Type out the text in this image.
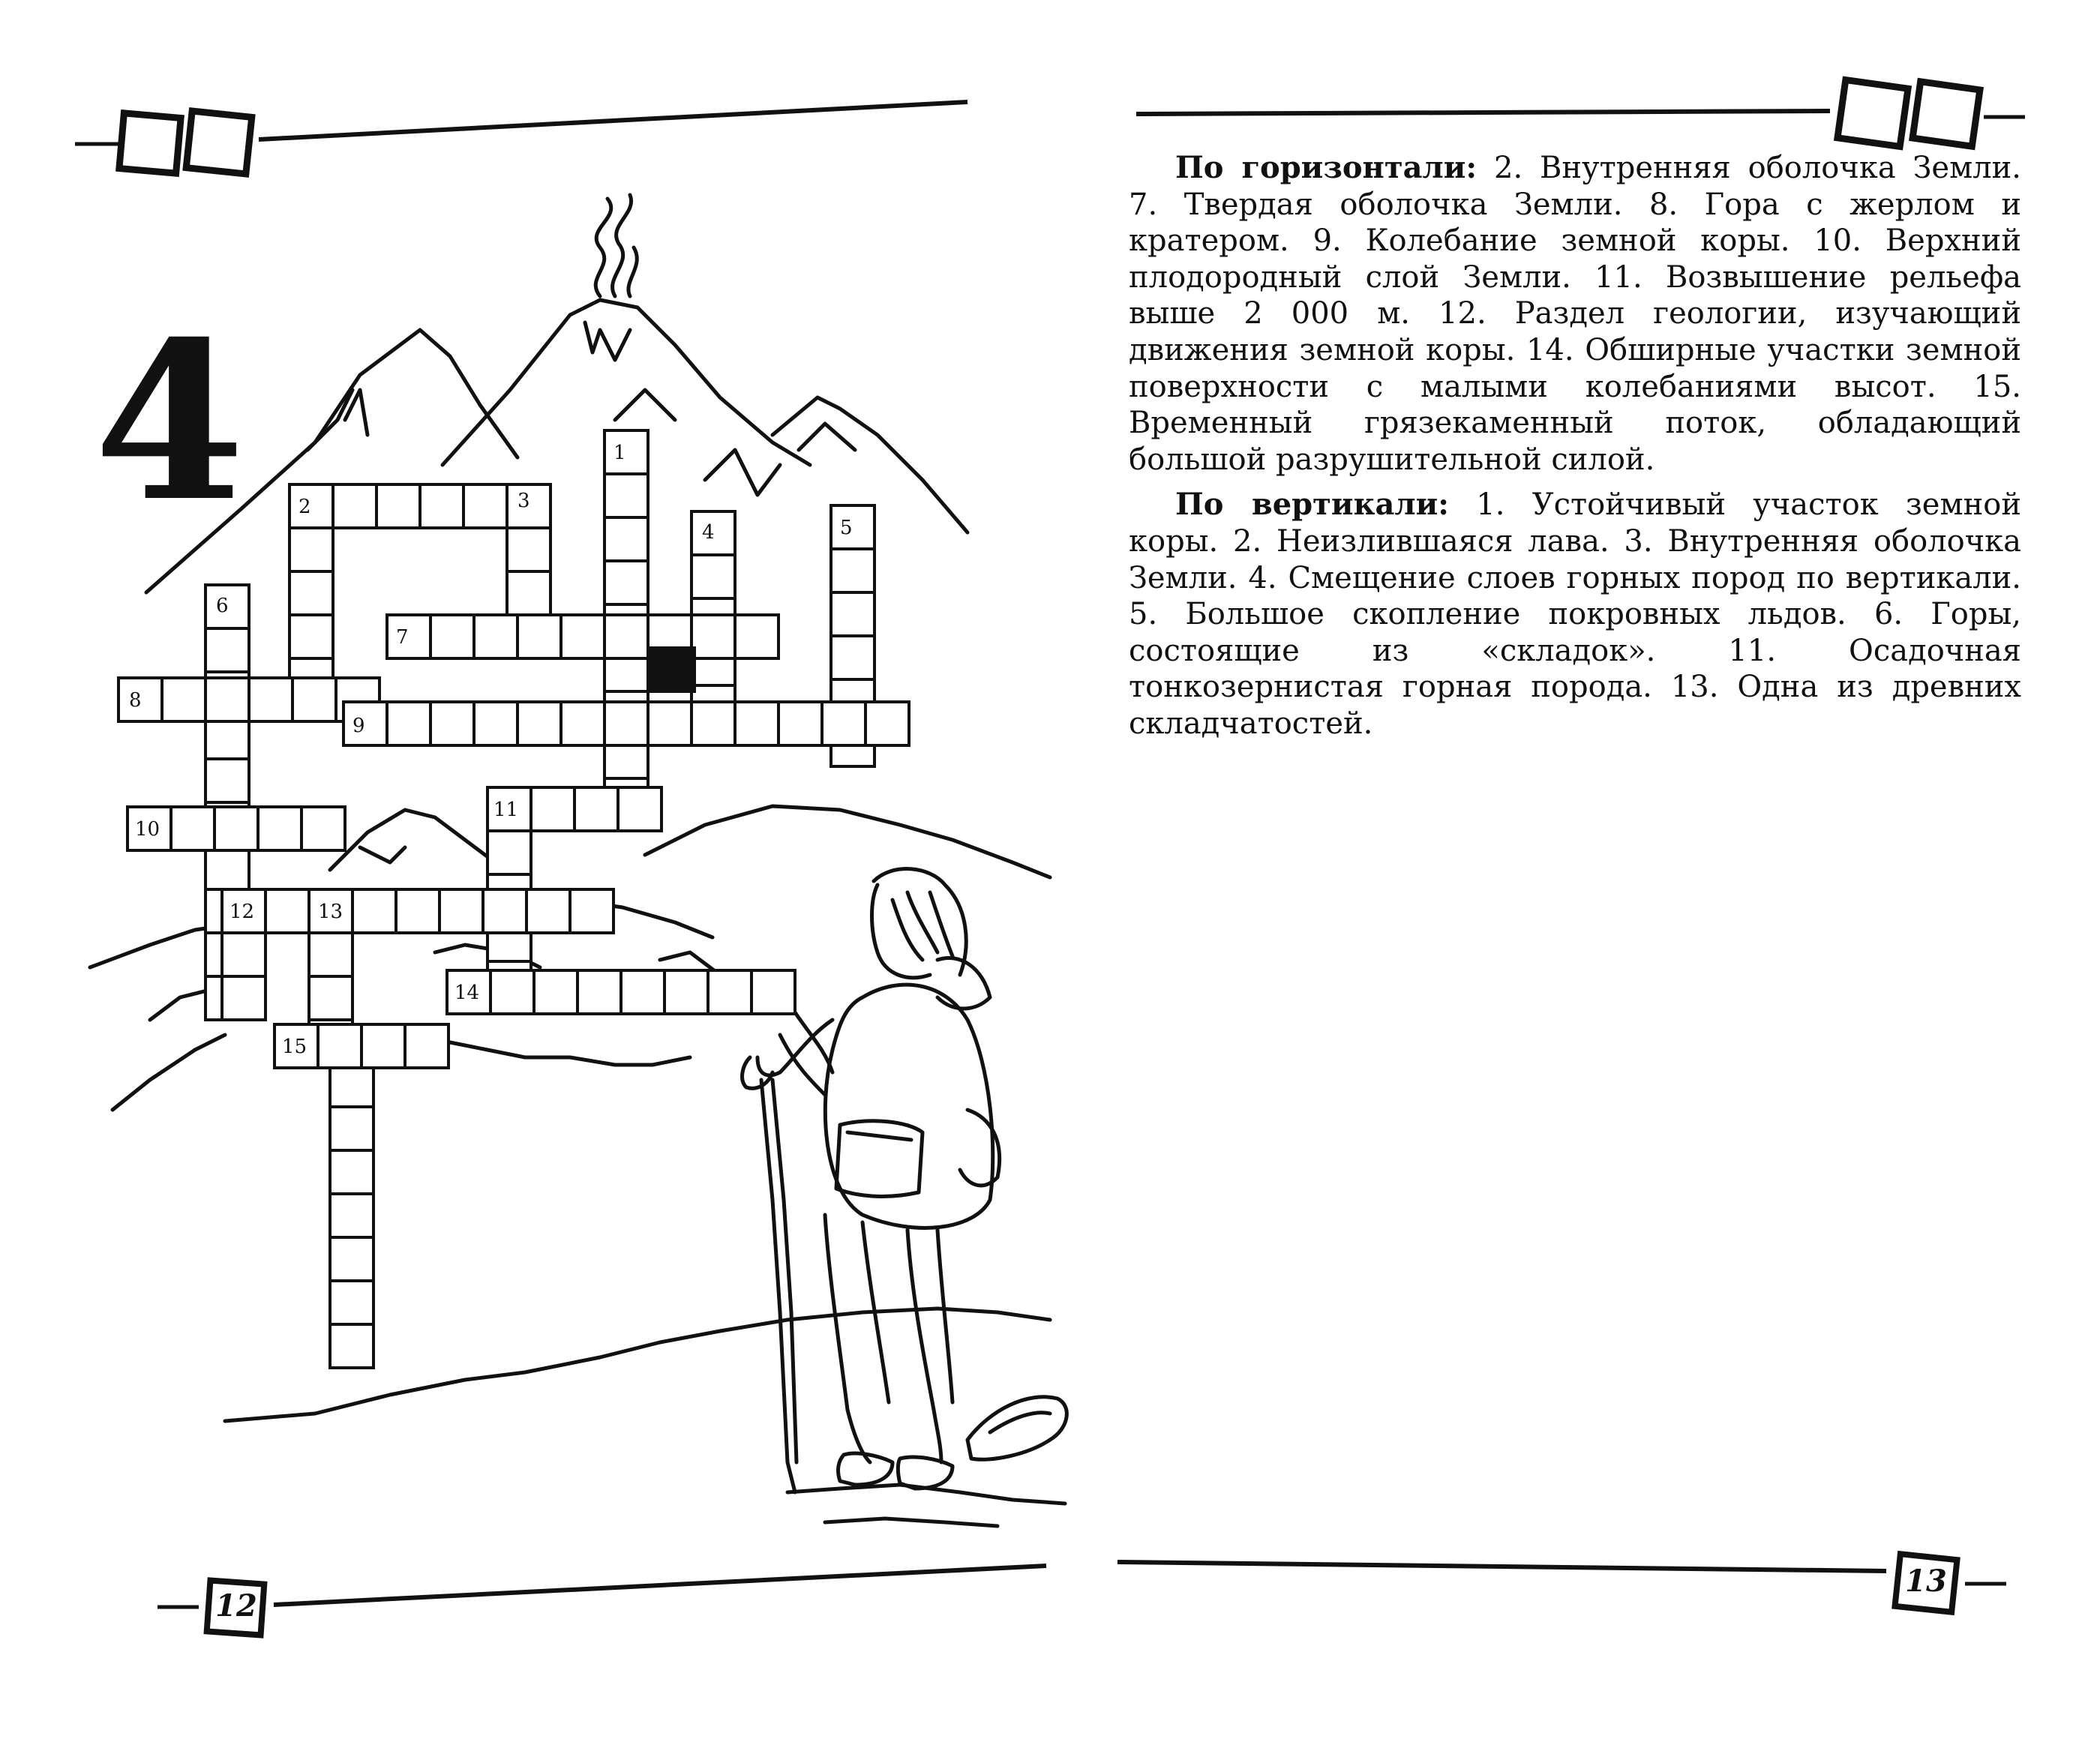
1
2	3
4	5
6
7
8
9
10
11
12	13
14
15
4
12
13

По горизонтали: 2. Внутренняя оболочка Земли. 7. Твердая оболочка Земли. 8. Гора с жерлом и кратером. 9. Колебание земной коры. 10. Верхний плодородный слой Земли. 11. Возвышение рельефа выше 2 000 м. 12. Раздел геологии, изучающий движения земной коры. 14. Обширные участки земной поверхности с малыми колебаниями высот. 15. Временный грязекаменный поток, обладающий большой разрушительной силой.

По вертикали: 1. Устойчивый участок земной коры. 2. Неизлившаяся лава. 3. Внутренняя оболочка Земли. 4. Смещение слоев горных пород по вертикали. 5. Большое скопление покровных льдов. 6. Горы, состоящие из «складок». 11. Осадочная тонкозернистая горная порода. 13. Одна из древних складчатостей.
